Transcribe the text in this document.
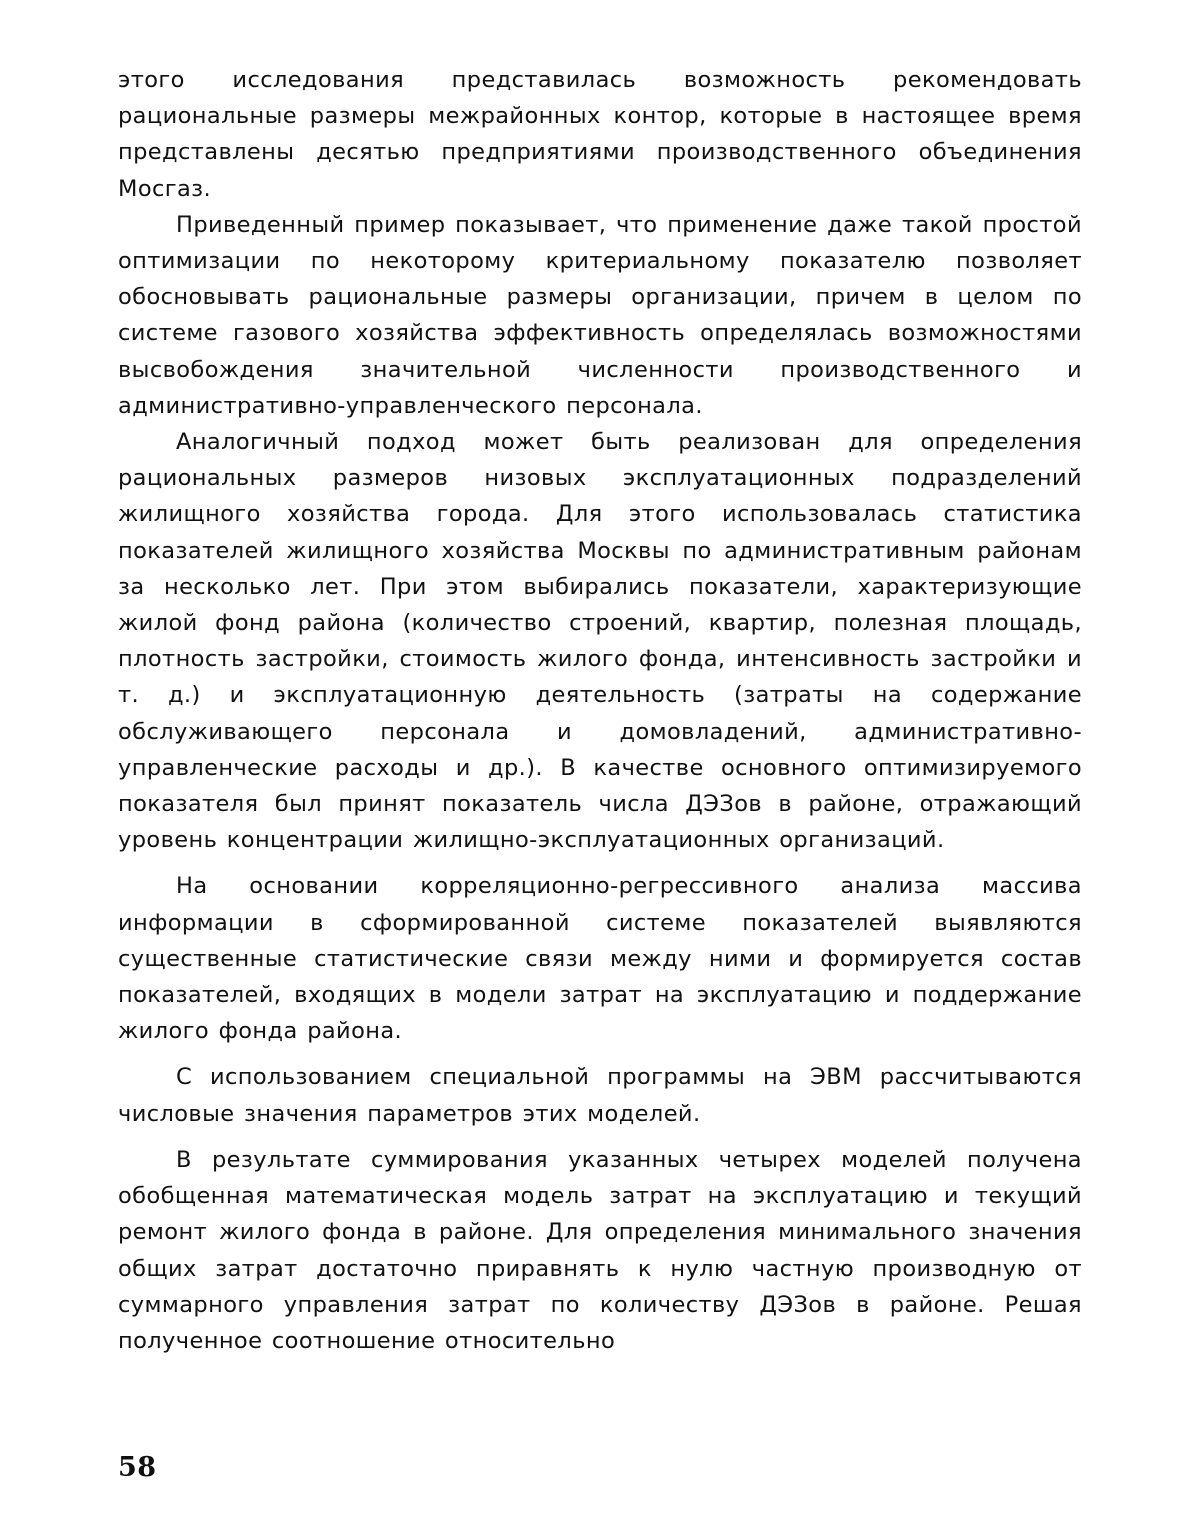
этого исследования представилась возможность рекомендовать рациональные размеры межрайонных контор, которые в настоящее время представлены десятью предприятиями производственного объединения Мосгаз.

Приведенный пример показывает, что применение даже такой простой оптимизации по некоторому критериальному показателю позволяет обосновывать рациональные размеры организации, причем в целом по системе газового хозяйства эффективность определялась возможностями высвобождения значительной численности производственного и административно-управленческого персонала.

Аналогичный подход может быть реализован для определения рациональных размеров низовых эксплуатационных подразделений жилищного хозяйства города. Для этого использовалась статистика показателей жилищного хозяйства Москвы по административным районам за несколько лет. При этом выбирались показатели, характеризующие жилой фонд района (количество строений, квартир, полезная площадь, плотность застройки, стоимость жилого фонда, интенсивность застройки и т. д.) и эксплуатационную деятельность (затраты на содержание обслуживающего персонала и домовладений, административно-управленческие расходы и др.). В качестве основного оптимизируемого показателя был принят показатель числа ДЭЗов в районе, отражающий уровень концентрации жилищно-эксплуатационных организаций.

На основании корреляционно-регрессивного анализа массива информации в сформированной системе показателей выявляются существенные статистические связи между ними и формируется состав показателей, входящих в модели затрат на эксплуатацию и поддержание жилого фонда района.

С использованием специальной программы на ЭВМ рассчитываются числовые значения параметров этих моделей.

В результате суммирования указанных четырех моделей получена обобщенная математическая модель затрат на эксплуатацию и текущий ремонт жилого фонда в районе. Для определения минимального значения общих затрат достаточно приравнять к нулю частную производную от суммарного управления затрат по количеству ДЭЗов в районе. Решая полученное соотношение относительно

58
